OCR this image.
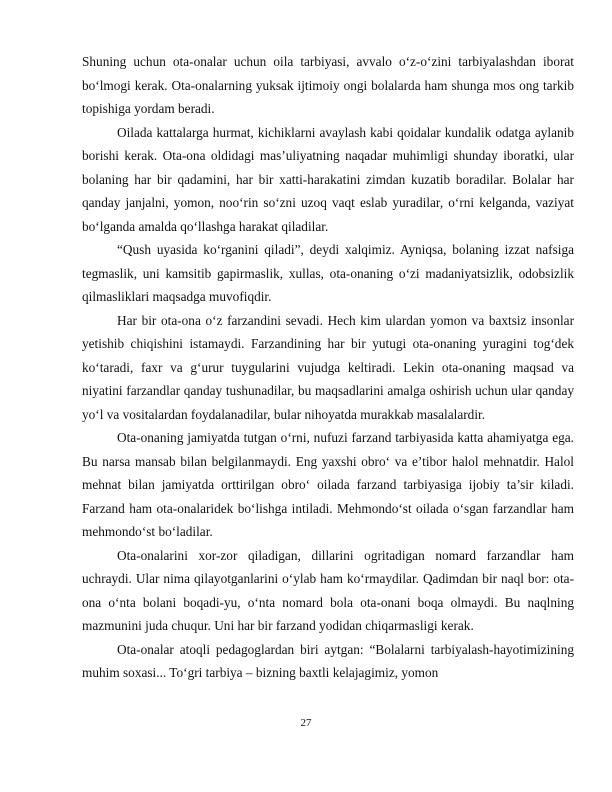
Shuning uchun ota-onalar uchun oila tarbiyasi, avvalo o‘z-o‘zini tarbiyalashdan iborat bo‘lmogi kerak. Ota-onalarning yuksak ijtimoiy ongi bolalarda ham shunga mos ong tarkib topishiga yordam beradi.

Oilada kattalarga hurmat, kichiklarni avaylash kabi qoidalar kundalik odatga aylanib borishi kerak. Ota-ona oldidagi mas’uliyatning naqadar muhimligi shunday iboratki, ular bolaning har bir qadamini, har bir xatti-harakatini zimdan kuzatib boradilar. Bolalar har qanday janjalni, yomon, noo‘rin so‘zni uzoq vaqt eslab yuradilar, o‘rni kelganda, vaziyat bo‘lganda amalda qo‘llashga harakat qiladilar.

“Qush uyasida ko‘rganini qiladi”, deydi xalqimiz. Ayniqsa, bolaning izzat nafsiga tegmaslik, uni kamsitib gapirmaslik, xullas, ota-onaning o‘zi madaniyatsizlik, odobsizlik qilmasliklari maqsadga muvofiqdir.

Har bir ota-ona o‘z farzandini sevadi. Hech kim ulardan yomon va baxtsiz insonlar yetishib chiqishini istamaydi. Farzandining har bir yutugi ota-onaning yuragini tog‘dek ko‘taradi, faxr va g‘urur tuygularini vujudga keltiradi. Lekin ota-onaning maqsad va niyatini farzandlar qanday tushunadilar, bu maqsadlarini amalga oshirish uchun ular qanday yo‘l va vositalardan foydalanadilar, bular nihoyatda murakkab masalalardir.

Ota-onaning jamiyatda tutgan o‘rni, nufuzi farzand tarbiyasida katta ahamiyatga ega. Bu narsa mansab bilan belgilanmaydi. Eng yaxshi obro‘ va e’tibor halol mehnatdir. Halol mehnat bilan jamiyatda orttirilgan obro‘ oilada farzand tarbiyasiga ijobiy ta’sir kiladi. Farzand ham ota-onalaridek bo‘lishga intiladi. Mehmondo‘st oilada o‘sgan farzandlar ham mehmondo‘st bo‘ladilar.

Ota-onalarini xor-zor qiladigan, dillarini ogritadigan nomard farzandlar ham uchraydi. Ular nima qilayotganlarini o‘ylab ham ko‘rmaydilar. Qadimdan bir naql bor: ota-ona o‘nta bolani boqadi-yu, o‘nta nomard bola ota-onani boqa olmaydi. Bu naqlning mazmunini juda chuqur. Uni har bir farzand yodidan chiqarmasligi kerak.

Ota-onalar atoqli pedagoglardan biri aytgan: “Bolalarni tarbiyalash-hayotimizining muhim soxasi... To‘gri tarbiya – bizning baxtli kelajagimiz, yomon

27
